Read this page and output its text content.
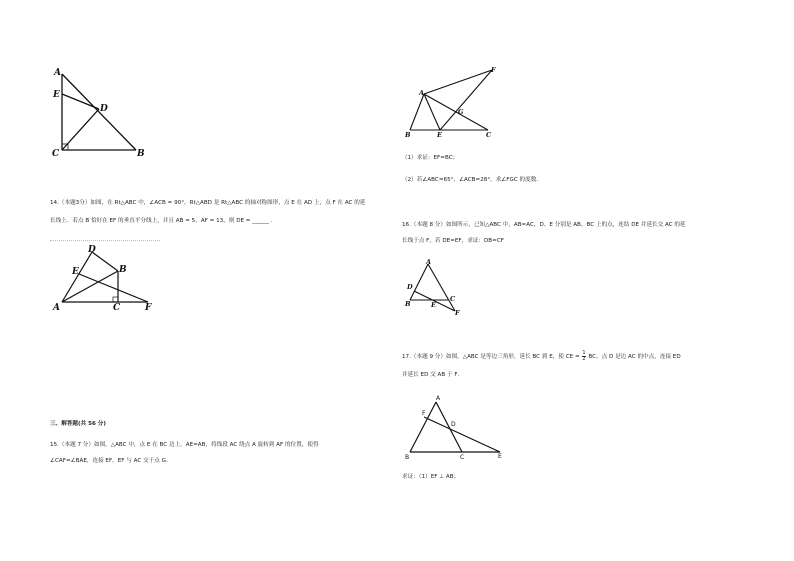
A
E
D
C	B
14.（本题3分）如图，在 Rt△ABC 中，∠ACB = 90°，Rt△ABD 是 Rt△ABC 的轴对称图形，点 E 在 AD 上，点 F 在 AC 的延
长线上．若点 B 恰好在 EF 的垂直平分线上，并且 AB = 5，AF = 13，则 DE = ______ .
D
E	B
A	C	F
三、解答题(共 56 分)
15.（本题 7 分）如图，△ABC 中，点 E 在 BC 边上，AE=AB，将线段 AC 绕点 A 旋转到 AF 的位置，使得
∠CAF=∠BAE，连接 EF，EF 与 AC 交于点 G.
F
A
G
B	E	C
（1）求证：EF=BC；
（2）若∠ABC=65°，∠ACB=28°，求∠FGC 的度数.
16.（本题 8 分）如图所示，已知△ABC 中，AB=AC，D、E 分别是 AB、BC 上的点，连结 DE 并延长交 AC 的延
长线于点 F，若 DE=EF，求证：DB=CF
A
D
B	E
C
F
17.（本题 9 分）如图，△ABC 是等边三角形，延长 BC 到 E，使 CE = $\frac{1}{2}$ BC，点 D 是边 AC 的中点，连接 ED
并延长 ED 交 AB 于 F．
A
F
D
B	C	E
求证：（1）EF ⊥ AB；
